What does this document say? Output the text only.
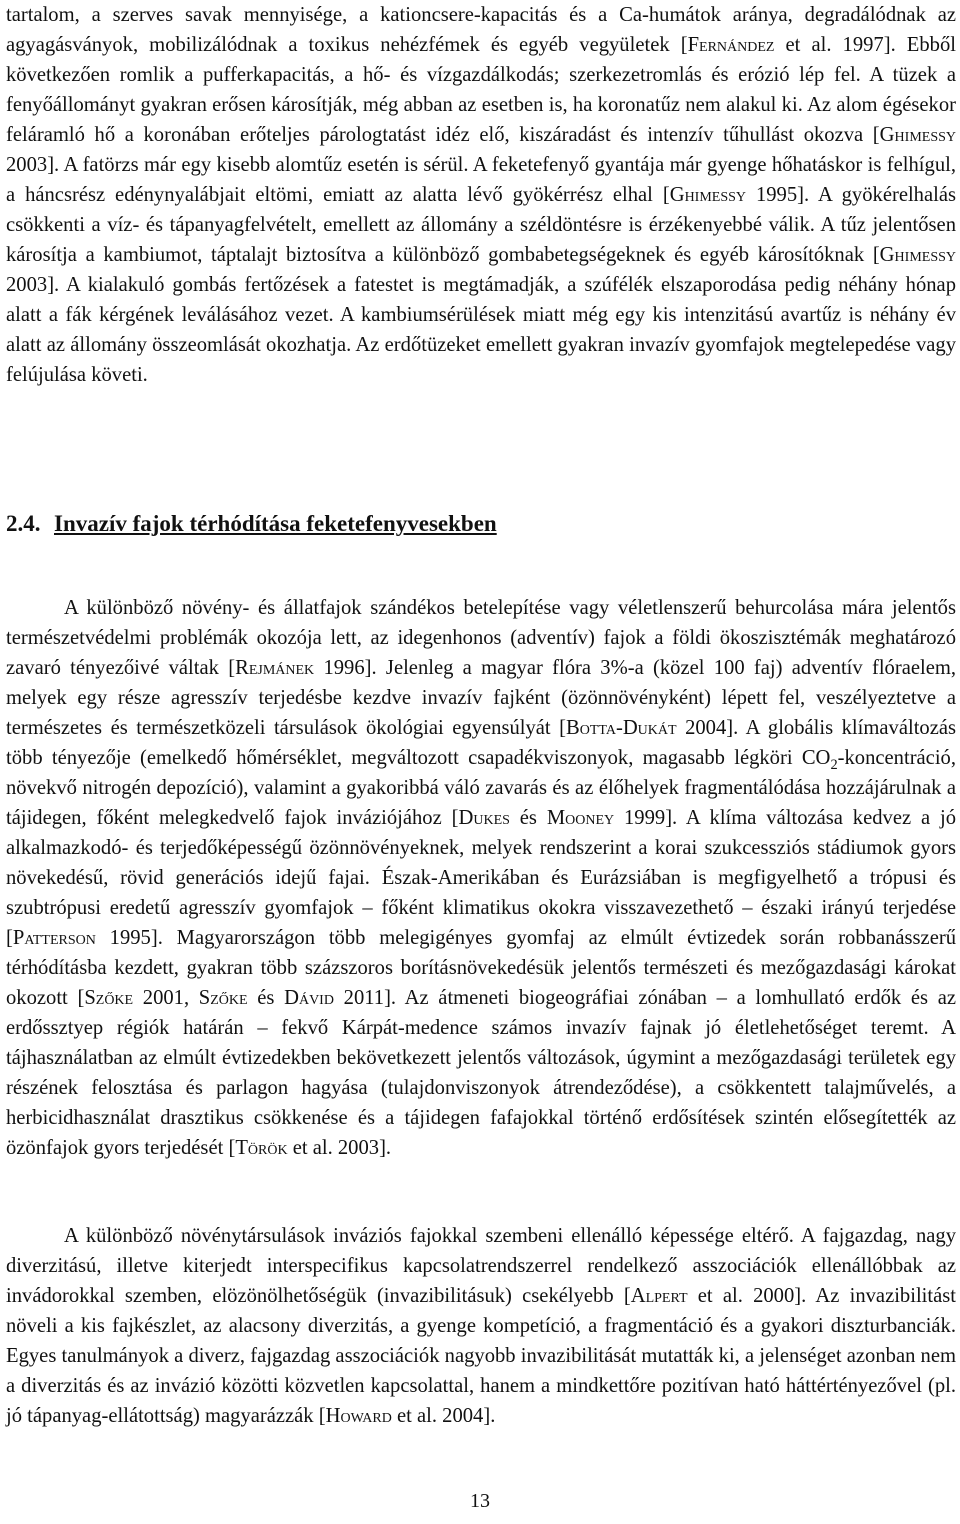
tartalom, a szerves savak mennyisége, a kationcsere-kapacitás és a Ca-humátok aránya, degradálódnak az agyagásványok, mobilizálódnak a toxikus nehézfémek és egyéb vegyületek [Fernández et al. 1997]. Ebből következően romlik a pufferkapacitás, a hő- és vízgazdálkodás; szerkezetromlás és erózió lép fel. A tüzek a fenyőállományt gyakran erősen károsítják, még abban az esetben is, ha koronatűz nem alakul ki. Az alom égésekor feláramló hő a koronában erőteljes párologtatást idéz elő, kiszáradást és intenzív tűhullást okozva [Ghimessy 2003]. A fatörzs már egy kisebb alomtűz esetén is sérül. A feketefenyő gyantája már gyenge hőhatáskor is felhígul, a háncsrész edénynyalábjait eltömi, emiatt az alatta lévő gyökérrész elhal [Ghimessy 1995]. A gyökérelhalás csökkenti a víz- és tápanyagfelvételt, emellett az állomány a széldöntésre is érzékenyebbé válik. A tűz jelentősen károsítja a kambiumot, táptalajt biztosítva a különböző gombabetegségeknek és egyéb károsítóknak [Ghimessy 2003]. A kialakuló gombás fertőzések a fatestet is megtámadják, a szúfélék elszaporodása pedig néhány hónap alatt a fák kérgének leválásához vezet. A kambiumsérülések miatt még egy kis intenzitású avartűz is néhány év alatt az állomány összeomlását okozhatja. Az erdőtüzeket emellett gyakran invazív gyomfajok megtelepedése vagy felújulása követi.

2.4. Invazív fajok térhódítása feketefenyvesekben

A különböző növény- és állatfajok szándékos betelepítése vagy véletlenszerű behurcolása mára jelentős természetvédelmi problémák okozója lett, az idegenhonos (adventív) fajok a földi ökoszisztémák meghatározó zavaró tényezőivé váltak [Rejmánek 1996]. Jelenleg a magyar flóra 3%-a (közel 100 faj) adventív flóraelem, melyek egy része agresszív terjedésbe kezdve invazív fajként (özönnövényként) lépett fel, veszélyeztetve a természetes és természetközeli társulások ökológiai egyensúlyát [Botta-Dukát 2004]. A globális klímaváltozás több tényezője (emelkedő hőmérséklet, megváltozott csapadékviszonyok, magasabb légköri $CO_2$-koncentráció, növekvő nitrogén depozíció), valamint a gyakoribbá váló zavarás és az élőhelyek fragmentálódása hozzájárulnak a tájidegen, főként melegkedvelő fajok inváziójához [Dukes és Mooney 1999]. A klíma változása kedvez a jó alkalmazkodó- és terjedőképességű özönnövényeknek, melyek rendszerint a korai szukcessziós stádiumok gyors növekedésű, rövid generációs idejű fajai. Észak-Amerikában és Eurázsiában is megfigyelhető a trópusi és szubtrópusi eredetű agresszív gyomfajok – főként klimatikus okokra visszavezethető – északi irányú terjedése [Patterson 1995]. Magyarországon több melegigényes gyomfaj az elmúlt évtizedek során robbanásszerű térhódításba kezdett, gyakran több százszoros borításnövekedésük jelentős természeti és mezőgazdasági károkat okozott [Szőke 2001, Szőke és Dávid 2011]. Az átmeneti biogeográfiai zónában – a lomhullató erdők és az erdőssztyep régiók határán – fekvő Kárpát-medence számos invazív fajnak jó életlehetőséget teremt. A tájhasználatban az elmúlt évtizedekben bekövetkezett jelentős változások, úgymint a mezőgazdasági területek egy részének felosztása és parlagon hagyása (tulajdonviszonyok átrendeződése), a csökkentett talajművelés, a herbicidhasználat drasztikus csökkenése és a tájidegen fafajokkal történő erdősítések szintén elősegítették az özönfajok gyors terjedését [Török et al. 2003].

A különböző növénytársulások inváziós fajokkal szembeni ellenálló képessége eltérő. A fajgazdag, nagy diverzitású, illetve kiterjedt interspecifikus kapcsolatrendszerrel rendelkező asszociációk ellenállóbbak az invádorokkal szemben, elözönölhetőségük (invazibilitásuk) csekélyebb [Alpert et al. 2000]. Az invazibilitást növeli a kis fajkészlet, az alacsony diverzitás, a gyenge kompetíció, a fragmentáció és a gyakori diszturbanciák. Egyes tanulmányok a diverz, fajgazdag asszociációk nagyobb invazibilitását mutatták ki, a jelenséget azonban nem a diverzitás és az invázió közötti közvetlen kapcsolattal, hanem a mindkettőre pozitívan ható háttértényezővel (pl. jó tápanyag-ellátottság) magyarázzák [Howard et al. 2004].

13
